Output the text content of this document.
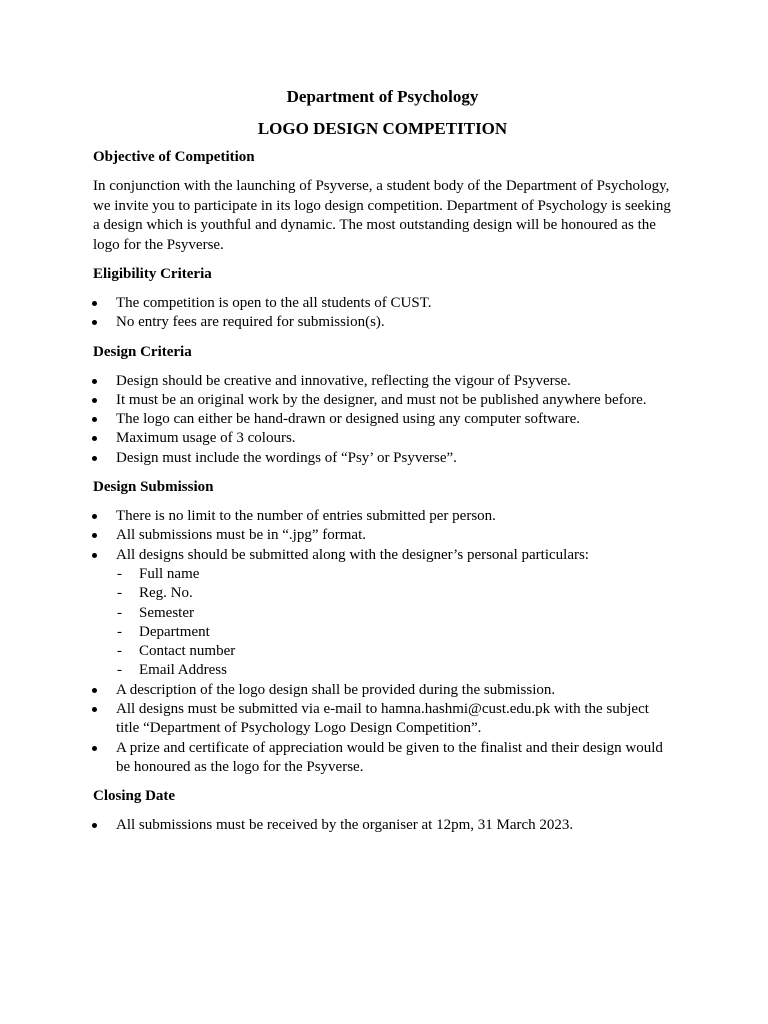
Department of Psychology
LOGO DESIGN COMPETITION
Objective of Competition

In conjunction with the launching of Psyverse, a student body of the Department of Psychology, we invite you to participate in its logo design competition. Department of Psychology is seeking a design which is youthful and dynamic. The most outstanding design will be honoured as the logo for the Psyverse.

Eligibility Criteria
The competition is open to the all students of CUST.
No entry fees are required for submission(s).
Design Criteria
Design should be creative and innovative, reflecting the vigour of Psyverse.
It must be an original work by the designer, and must not be published anywhere before.
The logo can either be hand-drawn or designed using any computer software.
Maximum usage of 3 colours.
Design must include the wordings of “Psy’ or Psyverse”.
Design Submission
There is no limit to the number of entries submitted per person.
All submissions must be in “.jpg” format.
All designs should be submitted along with the designer’s personal particulars:
- Full name
- Reg. No.
- Semester
- Department
- Contact number
- Email Address
A description of the logo design shall be provided during the submission.
All designs must be submitted via e-mail to hamna.hashmi@cust.edu.pk with the subject title “Department of Psychology Logo Design Competition”.
A prize and certificate of appreciation would be given to the finalist and their design would be honoured as the logo for the Psyverse.
Closing Date
All submissions must be received by the organiser at 12pm, 31 March 2023.
